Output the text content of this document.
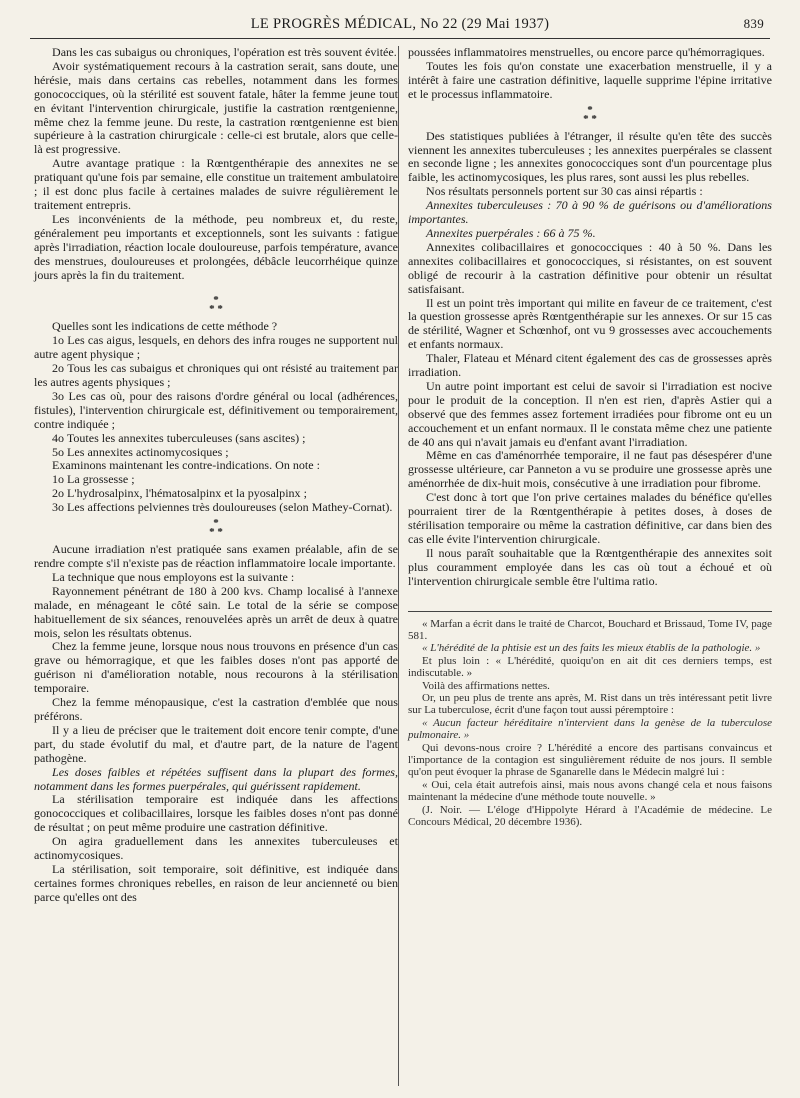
LE PROGRÈS MÉDICAL, No 22 (29 Mai 1937)	839

Dans les cas subaigus ou chroniques, l'opération est très souvent évitée.

Avoir systématiquement recours à la castration serait, sans doute, une hérésie, mais dans certains cas rebelles, notamment dans les formes gonococciques, où la stérilité est souvent fatale, hâter la femme jeune tout en évitant l'intervention chirurgicale, justifie la castration rœntgenienne, même chez la femme jeune. Du reste, la castration rœntgenienne est bien supérieure à la castration chirurgicale : celle-ci est brutale, alors que celle-là est progressive.

Autre avantage pratique : la Rœntgenthérapie des annexites ne se pratiquant qu'une fois par semaine, elle constitue un traitement ambulatoire ; il est donc plus facile à certaines malades de suivre régulièrement le traitement entrepris.

Les inconvénients de la méthode, peu nombreux et, du reste, généralement peu importants et exceptionnels, sont les suivants : fatigue après l'irradiation, réaction locale douloureuse, parfois température, avance des menstrues, douloureuses et prolongées, débâcle leucorrhéique quinze jours après la fin du traitement.

*
* *

Quelles sont les indications de cette méthode ?

1o Les cas aigus, lesquels, en dehors des infra rouges ne supportent nul autre agent physique ;

2o Tous les cas subaigus et chroniques qui ont résisté au traitement par les autres agents physiques ;

3o Les cas où, pour des raisons d'ordre général ou local (adhérences, fistules), l'intervention chirurgicale est, définitivement ou temporairement, contre indiquée ;

4o Toutes les annexites tuberculeuses (sans ascites) ;

5o Les annexites actinomycosiques ;

Examinons maintenant les contre-indications. On note :

1o La grossesse ;

2o L'hydrosalpinx, l'hématosalpinx et la pyosalpinx ;

3o Les affections pelviennes très douloureuses (selon Mathey-Cornat).

*
* *

Aucune irradiation n'est pratiquée sans examen préalable, afin de se rendre compte s'il n'existe pas de réaction inflammatoire locale importante.

La technique que nous employons est la suivante :

Rayonnement pénétrant de 180 à 200 kvs. Champ localisé à l'annexe malade, en ménageant le côté sain. Le total de la série se compose habituellement de six séances, renouvelées après un arrêt de deux à quatre mois, selon les résultats obtenus.

Chez la femme jeune, lorsque nous nous trouvons en présence d'un cas grave ou hémorragique, et que les faibles doses n'ont pas apporté de guérison ni d'amélioration notable, nous recourons à la stérilisation temporaire.

Chez la femme ménopausique, c'est la castration d'emblée que nous préférons.

Il y a lieu de préciser que le traitement doit encore tenir compte, d'une part, du stade évolutif du mal, et d'autre part, de la nature de l'agent pathogène.

Les doses faibles et répétées suffisent dans la plupart des formes, notamment dans les formes puerpérales, qui guérissent rapidement.

La stérilisation temporaire est indiquée dans les affections gonococciques et colibacillaires, lorsque les faibles doses n'ont pas donné de résultat ; on peut même produire une castration définitive.

On agira graduellement dans les annexites tuberculeuses et actinomycosiques.

La stérilisation, soit temporaire, soit définitive, est indiquée dans certaines formes chroniques rebelles, en raison de leur ancienneté ou bien parce qu'elles ont des

poussées inflammatoires menstruelles, ou encore parce qu'hémorragiques.

Toutes les fois qu'on constate une exacerbation menstruelle, il y a intérêt à faire une castration définitive, laquelle supprime l'épine irritative et le processus inflammatoire.

*
* *

Des statistiques publiées à l'étranger, il résulte qu'en tête des succès viennent les annexites tuberculeuses ; les annexites puerpérales se classent en seconde ligne ; les annexites gonococciques sont d'un pourcentage plus faible, les actinomycosiques, les plus rares, sont aussi les plus rebelles.

Nos résultats personnels portent sur 30 cas ainsi répartis :

Annexites tuberculeuses : 70 à 90 % de guérisons ou d'améliorations importantes.

Annexites puerpérales : 66 à 75 %.

Annexites colibacillaires et gonococciques : 40 à 50 %. Dans les annexites colibacillaires et gonococciques, si résistantes, on est souvent obligé de recourir à la castration définitive pour obtenir un résultat satisfaisant.

Il est un point très important qui milite en faveur de ce traitement, c'est la question grossesse après Rœntgenthérapie sur les annexes. Or sur 15 cas de stérilité, Wagner et Schœnhof, ont vu 9 grossesses avec accouchements et enfants normaux.

Thaler, Flateau et Ménard citent également des cas de grossesses après irradiation.

Un autre point important est celui de savoir si l'irradiation est nocive pour le produit de la conception. Il n'en est rien, d'après Astier qui a observé que des femmes assez fortement irradiées pour fibrome ont eu un accouchement et un enfant normaux. Il le constata même chez une patiente de 40 ans qui n'avait jamais eu d'enfant avant l'irradiation.

Même en cas d'aménorrhée temporaire, il ne faut pas désespérer d'une grossesse ultérieure, car Panneton a vu se produire une grossesse après une aménorrhée de dix-huit mois, consécutive à une irradiation pour fibrome.

C'est donc à tort que l'on prive certaines malades du bénéfice qu'elles pourraient tirer de la Rœntgenthérapie à petites doses, à doses de stérilisation temporaire ou même la castration définitive, car dans bien des cas elle évite l'intervention chirurgicale.

Il nous paraît souhaitable que la Rœntgenthérapie des annexites soit plus couramment employée dans les cas où tout a échoué et où l'intervention chirurgicale semble être l'ultima ratio.

« Marfan a écrit dans le traité de Charcot, Bouchard et Brissaud, Tome IV, page 581.

« L'hérédité de la phtisie est un des faits les mieux établis de la pathologie. »

Et plus loin : « L'hérédité, quoiqu'on en ait dit ces derniers temps, est indiscutable. »

Voilà des affirmations nettes.

Or, un peu plus de trente ans après, M. Rist dans un très intéressant petit livre sur La tuberculose, écrit d'une façon tout aussi péremptoire :

« Aucun facteur héréditaire n'intervient dans la genèse de la tuberculose pulmonaire. »

Qui devons-nous croire ? L'hérédité a encore des partisans convaincus et l'importance de la contagion est singulièrement réduite de nos jours. Il semble qu'on peut évoquer la phrase de Sganarelle dans le Médecin malgré lui :

« Oui, cela était autrefois ainsi, mais nous avons changé cela et nous faisons maintenant la médecine d'une méthode toute nouvelle. »

(J. Noir. — L'éloge d'Hippolyte Hérard à l'Académie de médecine. Le Concours Médical, 20 décembre 1936).
